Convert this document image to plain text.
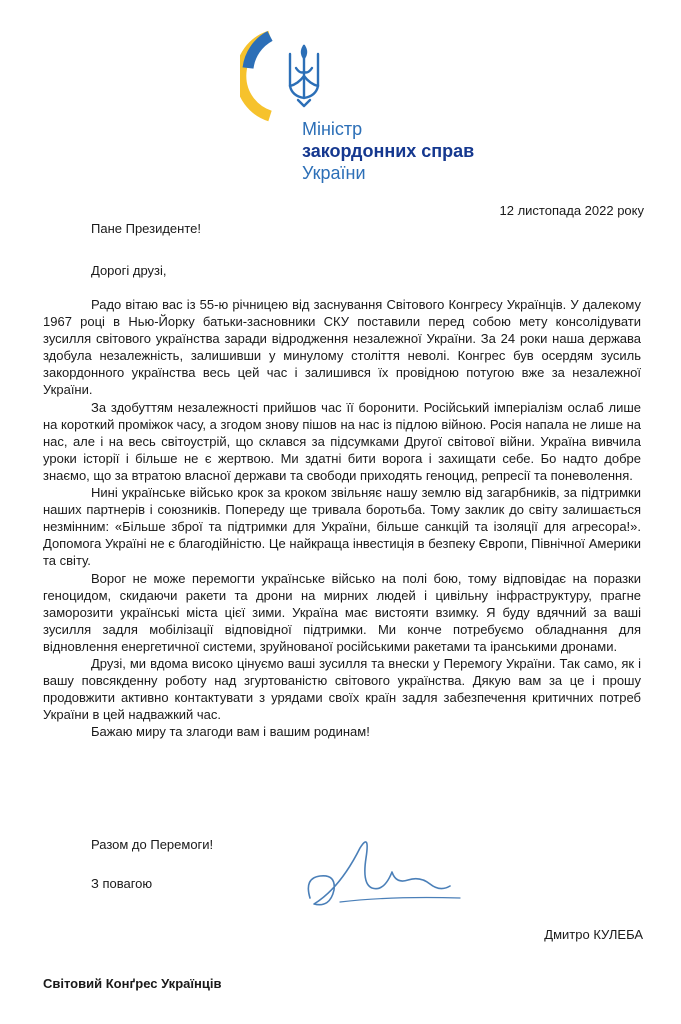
Міністр
закордонних справ
України
12 листопада 2022 року
Пане Президенте!
Дорогі друзі,

Радо вітаю вас із 55-ю річницею від заснування Світового Конгресу Українців. У далекому 1967 році в Нью-Йорку батьки-засновники СКУ поставили перед собою мету консолідувати зусилля світового українства заради відродження незалежної України. За 24 роки наша держава здобула незалежність, залишивши у минулому століття неволі. Конгрес був осердям зусиль закордонного українства весь цей час і залишився їх провідною потугою вже за незалежної України.

За здобуттям незалежності прийшов час її боронити. Російський імперіалізм ослаб лише на короткий проміжок часу, а згодом знову пішов на нас із підлою війною. Росія напала не лише на нас, але і на весь світоустрій, що склався за підсумками Другої світової війни. Україна вивчила уроки історії і більше не є жертвою. Ми здатні бити ворога і захищати себе. Бо надто добре знаємо, що за втратою власної держави та свободи приходять геноцид, репресії та поневолення.

Нині українське військо крок за кроком звільняє нашу землю від загарбників, за підтримки наших партнерів і союзників. Попереду ще тривала боротьба. Тому заклик до світу залишається незмінним: «Більше зброї та підтримки для України, більше санкцій та ізоляції для агресора!». Допомога Україні не є благодійністю. Це найкраща інвестиція в безпеку Європи, Північної Америки та світу.

Ворог не може перемогти українське військо на полі бою, тому відповідає на поразки геноцидом, скидаючи ракети та дрони на мирних людей і цивільну інфраструктуру, прагне заморозити українські міста цієї зими. Україна має вистояти взимку. Я буду вдячний за ваші зусилля задля мобілізації відповідної підтримки. Ми конче потребуємо обладнання для відновлення енергетичної системи, зруйнованої російськими ракетами та іранськими дронами.

Друзі, ми вдома високо цінуємо ваші зусилля та внески у Перемогу України. Так само, як і вашу повсякденну роботу над згуртованістю світового українства. Дякую вам за це і прошу продовжити активно контактувати з урядами своїх країн задля забезпечення критичних потреб України в цей надважкий час.

Бажаю миру та злагоди вам і вашим родинам!

Разом до Перемоги!
З повагою
Дмитро КУЛЕБА
Світовий Конґрес Українців
